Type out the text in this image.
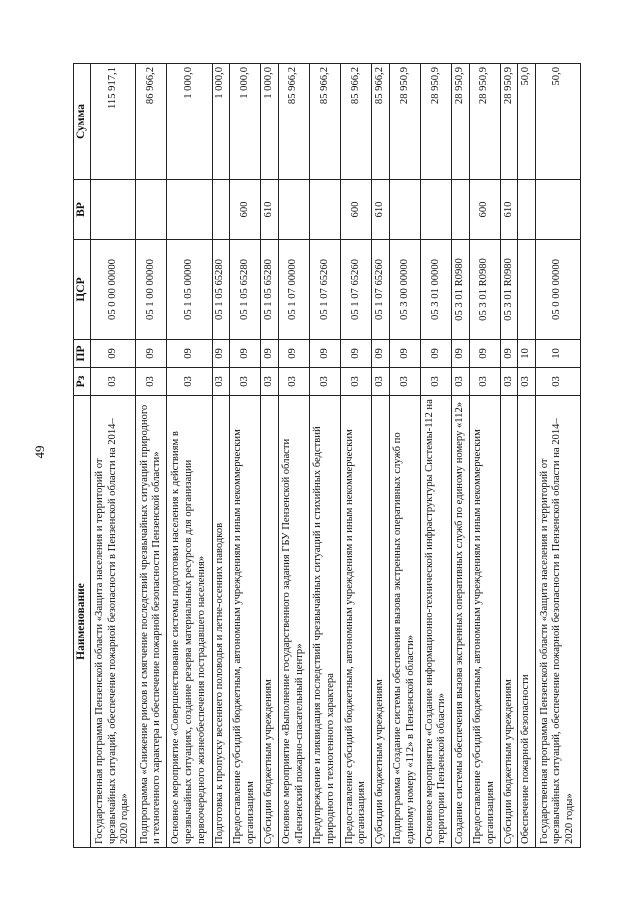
49
Наименование	Рз	ПР	ЦСР	ВР	Сумма
Государственная программа Пензенской области «Защита населения и территорий от чрезвычайных ситуаций, обеспечение пожарной безопасности в Пензенской области на 2014–2020 годы»	03	09	05 0 00 00000		115 917,1
Подпрограмма «Снижение рисков и смягчение последствий чрезвычайных ситуаций природного и техногенного характера и обеспечение пожарной безопасности Пензенской области»	03	09	05 1 00 00000		86 966,2
Основное мероприятие «Совершенствование системы подготовки населения к действиям в чрезвычайных ситуациях, создание резерва материальных ресурсов для организации первоочередного жизнеобеспечения пострадавшего населения»	03	09	05 1 05 00000		1 000,0
Подготовка к пропуску весеннего половодья и летне-осенних паводков	03	09	05 1 05 65280		1 000,0
Предоставление субсидий бюджетным, автономным учреждениям и иным некоммерческим организациям	03	09	05 1 05 65280	600	1 000,0
Субсидии бюджетным учреждениям	03	09	05 1 05 65280	610	1 000,0
Основное мероприятие «Выполнение государственного задания ГБУ Пензенской области «Пензенский пожарно-спасательный центр»	03	09	05 1 07 00000		85 966,2
Предупреждение и ликвидация последствий чрезвычайных ситуаций и стихийных бедствий природного и техногенного характера	03	09	05 1 07 65260		85 966,2
Предоставление субсидий бюджетным, автономным учреждениям и иным некоммерческим организациям	03	09	05 1 07 65260	600	85 966,2
Субсидии бюджетным учреждениям	03	09	05 1 07 65260	610	85 966,2
Подпрограмма «Создание системы обеспечения вызова экстренных оперативных служб по единому номеру «112» в Пензенской области»	03	09	05 3 00 00000		28 950,9
Основное мероприятие «Создание информационно-технической инфраструктуры Системы-112 на территории Пензенской области»	03	09	05 3 01 00000		28 950,9
Создание системы обеспечения вызова экстренных оперативных служб по единому номеру «112»	03	09	05 3 01 R0980		28 950,9
Предоставление субсидий бюджетным, автономным учреждениям и иным некоммерческим организациям	03	09	05 3 01 R0980	600	28 950,9
Субсидии бюджетным учреждениям	03	09	05 3 01 R0980	610	28 950,9
Обеспечение пожарной безопасности	03	10			50,0
Государственная программа Пензенской области «Защита населения и территорий от чрезвычайных ситуаций, обеспечение пожарной безопасности в Пензенской области на 2014–2020 годы»	03	10	05 0 00 00000		50,0
